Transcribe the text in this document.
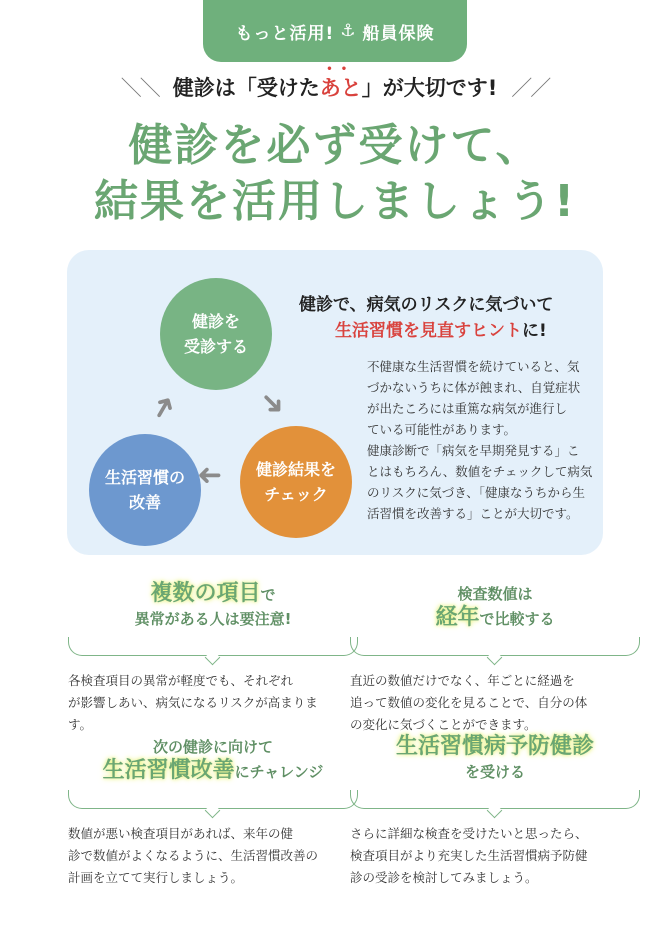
もっと活用! ⚓ 船員保険
＼＼ 健診は「受けた
••
あと」が大切です! ／／
健診を必ず受けて、
結果を活用しましょう!
健診を
受診する
生活習慣の
改善
健診結果を
チェック
➜
➜
➜
健診で、病気のリスクに気づいて
生活習慣を見直すヒントに!
不健康な生活習慣を続けていると、気
づかないうちに体が蝕まれ、自覚症状
が出たころには重篤な病気が進行し
ている可能性があります。
健康診断で「病気を早期発見する」こ
とはもちろん、数値をチェックして病気
のリスクに気づき、「健康なうちから生
活習慣を改善する」ことが大切です。
複数の項目で
異常がある人は要注意!
各検査項目の異常が軽度でも、それぞれ
が影響しあい、病気になるリスクが高まりま
す。
検査数値は
経年で比較する
直近の数値だけでなく、年ごとに経過を
追って数値の変化を見ることで、自分の体
の変化に気づくことができます。
次の健診に向けて
生活習慣改善にチャレンジ
数値が悪い検査項目があれば、来年の健
診で数値がよくなるように、生活習慣改善の
計画を立てて実行しましょう。
生活習慣病予防健診
を受ける
さらに詳細な検査を受けたいと思ったら、
検査項目がより充実した生活習慣病予防健
診の受診を検討してみましょう。
